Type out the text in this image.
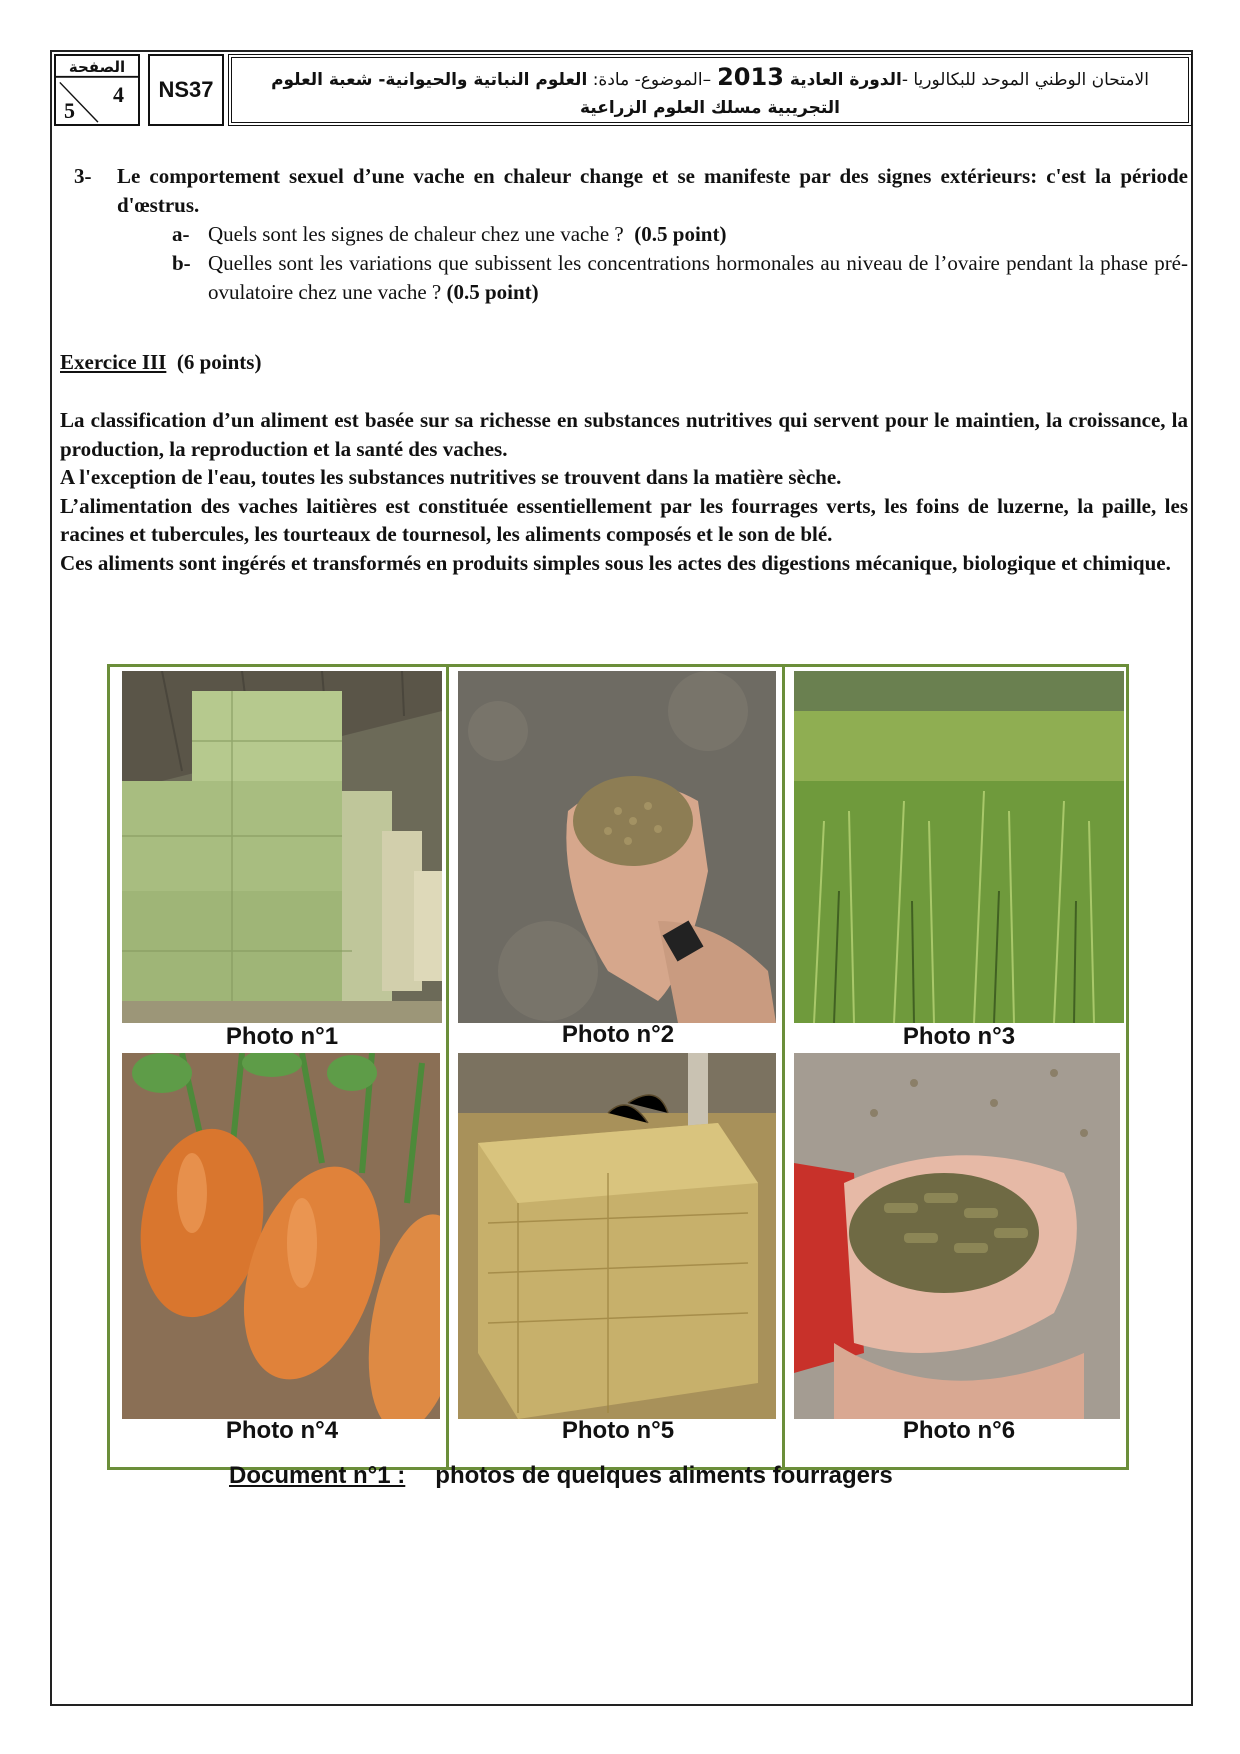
الصفحة
4
5
NS37	الامتحان الوطني الموحد للبكالوريا -الدورة العادية2013–الموضوع- مادة: العلوم النباتية والحيوانية- شعبة العلوم
التجريبية مسلك العلوم الزراعية
3- Le comportement sexuel d’une vache en chaleur change et se manifeste par des signes extérieurs: c'est la période d'œstrus.
a- Quels sont les signes de chaleur chez une vache ? (0.5 point)
b- Quelles sont les variations que subissent les concentrations hormonales au niveau de l’ovaire pendant la phase pré-ovulatoire chez une vache ? (0.5 point)
Exercice III (6 points)

La classification d’un aliment est basée sur sa richesse en substances nutritives qui servent pour le maintien, la croissance, la production, la reproduction et la santé des vaches.

A l'exception de l'eau, toutes les substances nutritives se trouvent dans la matière sèche.

L’alimentation des vaches laitières est constituée essentiellement par les fourrages verts, les foins de luzerne, la paille, les racines et tubercules, les tourteaux de tournesol, les aliments composés et le son de blé.

Ces aliments sont ingérés et transformés en produits simples sous les actes des digestions mécanique, biologique et chimique.

Photo n°1	Photo n°2	Photo n°3
Photo n°4	Photo n°5	Photo n°6
Document n°1 : photos de quelques aliments fourragers
